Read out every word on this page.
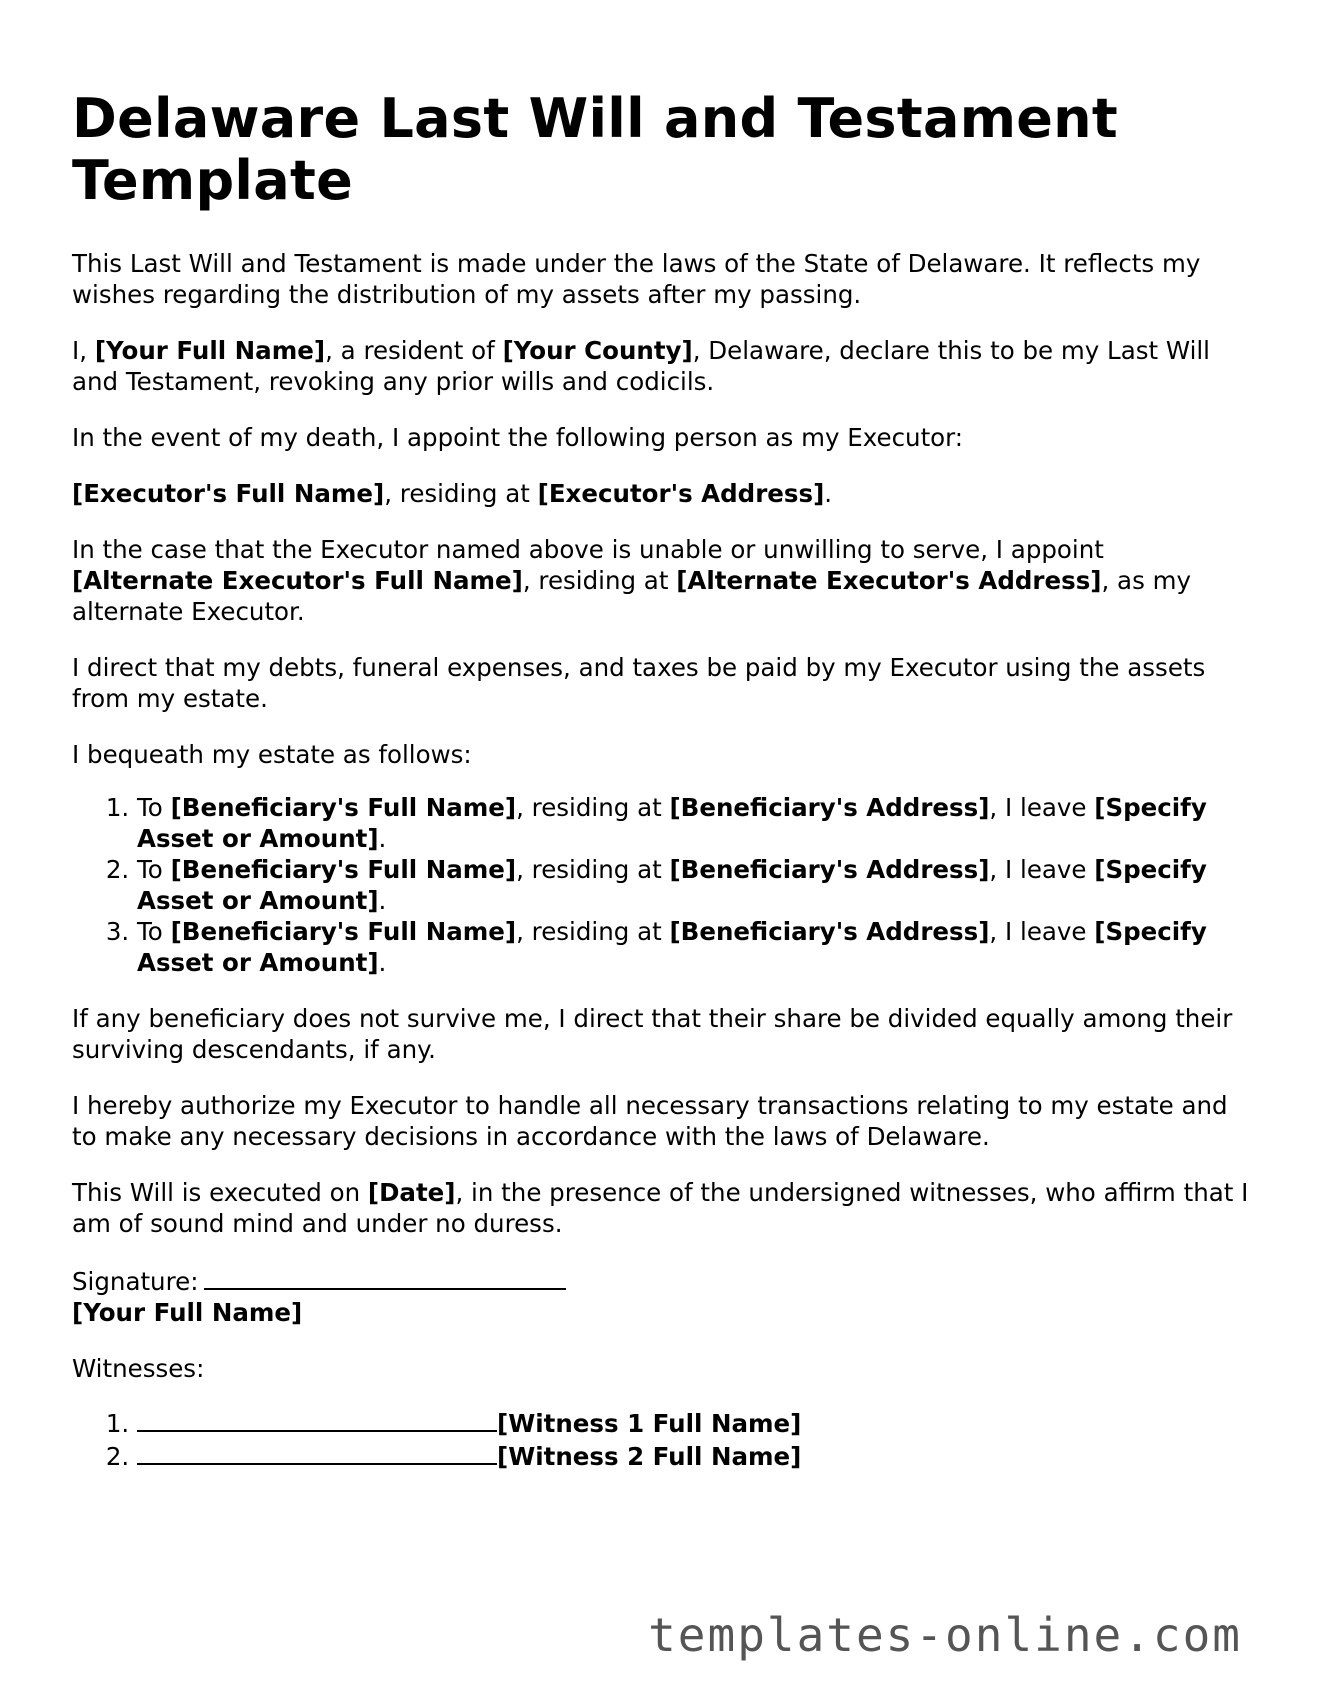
Delaware Last Will and Testament Template

This Last Will and Testament is made under the laws of the State of Delaware. It reflects my wishes regarding the distribution of my assets after my passing.

I, [Your Full Name], a resident of [Your County], Delaware, declare this to be my Last Will and Testament, revoking any prior wills and codicils.

In the event of my death, I appoint the following person as my Executor:

[Executor's Full Name], residing at [Executor's Address].

In the case that the Executor named above is unable or unwilling to serve, I appoint [Alternate Executor's Full Name], residing at [Alternate Executor's Address], as my alternate Executor.

I direct that my debts, funeral expenses, and taxes be paid by my Executor using the assets from my estate.

I bequeath my estate as follows:

1. To [Beneficiary's Full Name], residing at [Beneficiary's Address], I leave [Specify Asset or Amount].
2. To [Beneficiary's Full Name], residing at [Beneficiary's Address], I leave [Specify Asset or Amount].
3. To [Beneficiary's Full Name], residing at [Beneficiary's Address], I leave [Specify Asset or Amount].

If any beneficiary does not survive me, I direct that their share be divided equally among their surviving descendants, if any.

I hereby authorize my Executor to handle all necessary transactions relating to my estate and to make any necessary decisions in accordance with the laws of Delaware.

This Will is executed on [Date], in the presence of the undersigned witnesses, who affirm that I am of sound mind and under no duress.

Signature:
[Your Full Name]

Witnesses:

1. [Witness 1 Full Name]
2. [Witness 2 Full Name]
templates-online.com
